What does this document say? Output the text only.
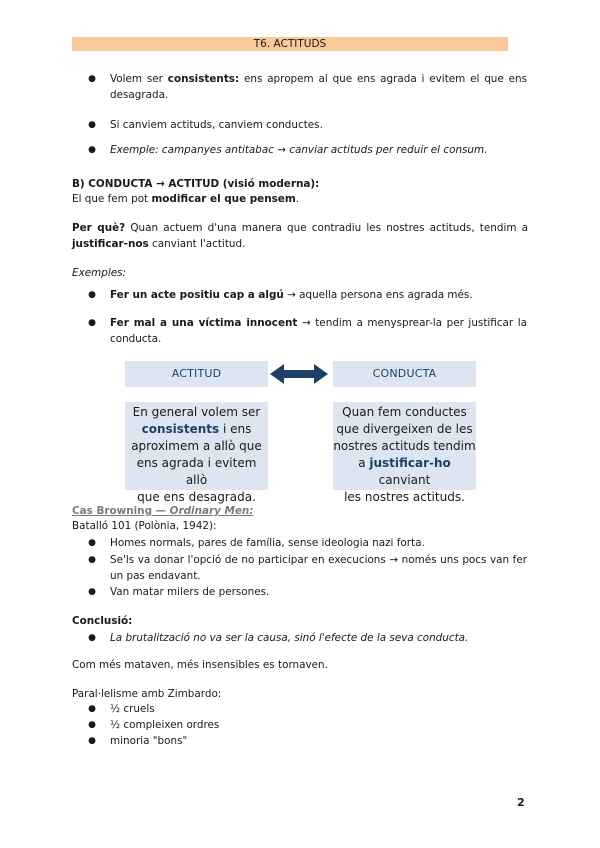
T6. ACTITUDS
● Volem ser consistents: ens apropem al que ens agrada i evitem el que ens desagrada.
● Si canviem actituds, canviem conductes.
● Exemple: campanyes antitabac → canviar actituds per reduir el consum.
B) CONDUCTA → ACTITUD (visió moderna):
El que fem pot modificar el que pensem.
Per què? Quan actuem d'una manera que contradiu les nostres actituds, tendim a justificar-nos canviant l'actitud.
Exemples:
● Fer un acte positiu cap a algú → aquella persona ens agrada més.
● Fer mal a una víctima innocent → tendim a menysprear-la per justificar la conducta.
ACTITUD	CONDUCTA
En general volem ser
consistents i ens
aproximem a allò que
ens agrada i evitem allò
que ens desagrada.
Quan fem conductes
que divergeixen de les
nostres actituds tendim
a justificar-ho canviant
les nostres actituds.
Cas Browning — Ordinary Men:
Batalló 101 (Polònia, 1942):
● Homes normals, pares de família, sense ideologia nazi forta.
● Se'ls va donar l'opció de no participar en execucions → només uns pocs van fer un pas endavant.
● Van matar milers de persones.
Conclusió:
● La brutalització no va ser la causa, sinó l'efecte de la seva conducta.
Com més mataven, més insensibles es tornaven.
Paral·lelisme amb Zimbardo:
● ½ cruels
● ½ compleixen ordres
● minoria "bons"
2
